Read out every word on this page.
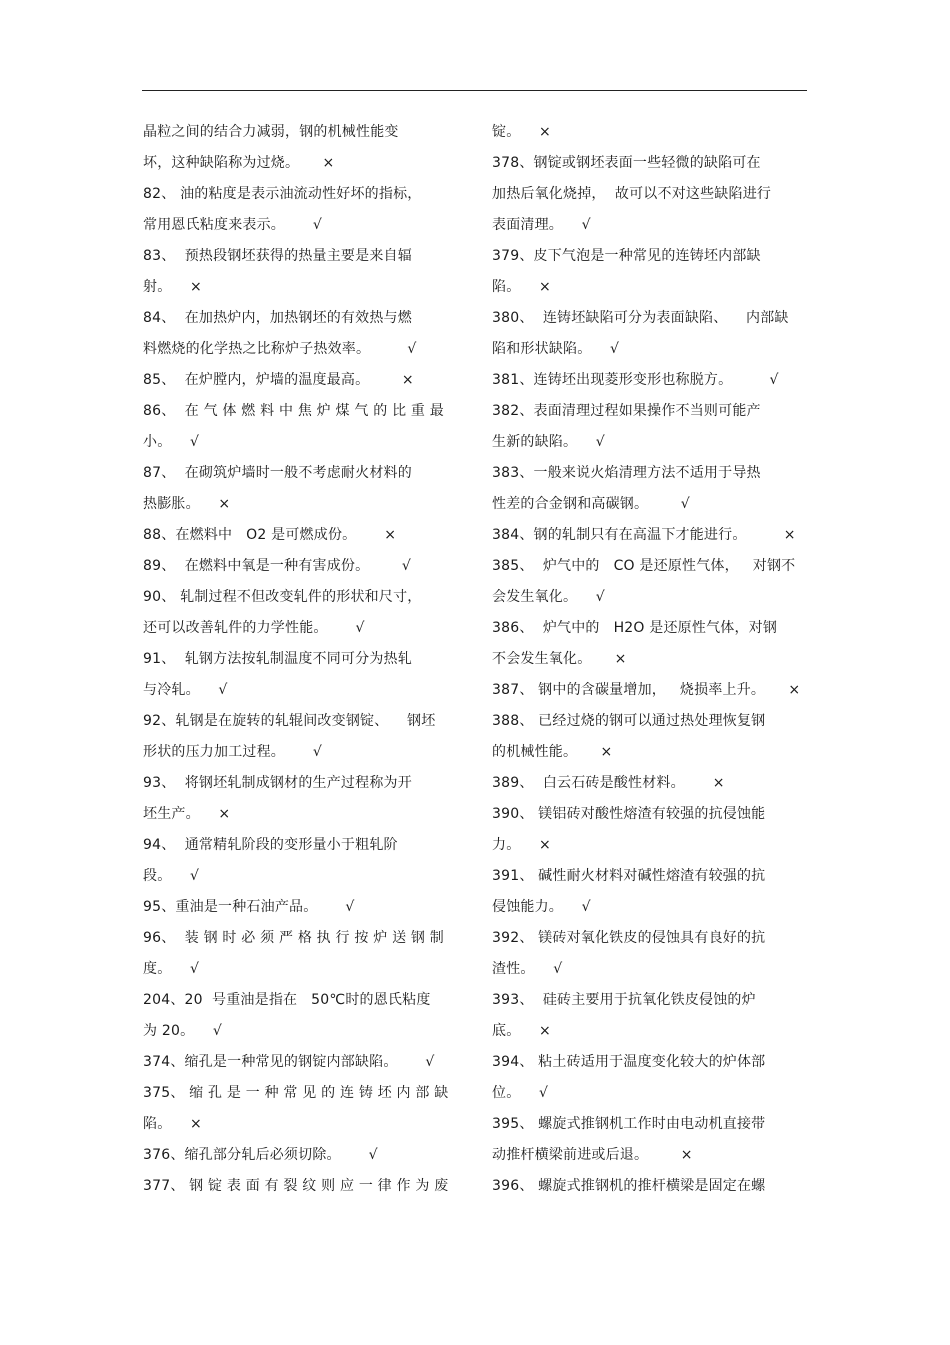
晶粒之间的结合力减弱，钢的机械性能变
坏，这种缺陷称为过烧。     ×
82、 油的粘度是表示油流动性好坏的指标，
常用恩氏粘度来表示。      √
83、  预热段钢坯获得的热量主要是来自辐
射。    ×
84、  在加热炉内，加热钢坯的有效热与燃
料燃烧的化学热之比称炉子热效率。        √
85、  在炉膛内，炉墙的温度最高。       ×
86、  在 气 体 燃 料 中 焦 炉 煤 气 的 比 重 最
小。    √
87、  在砌筑炉墙时一般不考虑耐火材料的
热膨胀。    ×
88、在燃料中   O2 是可燃成份。      ×
89、  在燃料中氧是一种有害成份。       √
90、 轧制过程不但改变轧件的形状和尺寸，
还可以改善轧件的力学性能。      √
91、  轧钢方法按轧制温度不同可分为热轧
与冷轧。    √
92、轧钢是在旋转的轧辊间改变钢锭、    钢坯
形状的压力加工过程。      √
93、  将钢坯轧制成钢材的生产过程称为开
坯生产。    ×
94、  通常精轧阶段的变形量小于粗轧阶
段。    √
95、重油是一种石油产品。      √
96、  装 钢 时 必 须 严 格 执 行 按 炉 送 钢 制
度。    √
204、20  号重油是指在   50℃时的恩氏粘度
为 20。    √
374、缩孔是一种常见的钢锭内部缺陷。      √
375、 缩 孔 是 一 种 常 见 的 连 铸 坯 内 部 缺
陷。    ×
376、缩孔部分轧后必须切除。      √
377、 钢 锭 表 面 有 裂 纹 则 应 一 律 作 为 废
锭。    ×
378、钢锭或钢坯表面一些轻微的缺陷可在
加热后氧化烧掉，  故可以不对这些缺陷进行
表面清理。    √
379、皮下气泡是一种常见的连铸坯内部缺
陷。    ×
380、  连铸坯缺陷可分为表面缺陷、    内部缺
陷和形状缺陷。    √
381、连铸坯出现菱形变形也称脱方。        √
382、表面清理过程如果操作不当则可能产
生新的缺陷。    √
383、一般来说火焰清理方法不适用于导热
性差的合金钢和高碳钢。       √
384、钢的轧制只有在高温下才能进行。        ×
385、  炉气中的   CO 是还原性气体，   对钢不
会发生氧化。    √
386、  炉气中的   H2O 是还原性气体，对钢
不会发生氧化。     ×
387、 钢中的含碳量增加，   烧损率上升。     ×
388、 已经过烧的钢可以通过热处理恢复钢
的机械性能。     ×
389、  白云石砖是酸性材料。      ×
390、 镁铝砖对酸性熔渣有较强的抗侵蚀能
力。    ×
391、 碱性耐火材料对碱性熔渣有较强的抗
侵蚀能力。    √
392、 镁砖对氧化铁皮的侵蚀具有良好的抗
渣性。    √
393、  硅砖主要用于抗氧化铁皮侵蚀的炉
底。    ×
394、 粘土砖适用于温度变化较大的炉体部
位。    √
395、 螺旋式推钢机工作时由电动机直接带
动推杆横梁前进或后退。       ×
396、 螺旋式推钢机的推杆横梁是固定在螺
